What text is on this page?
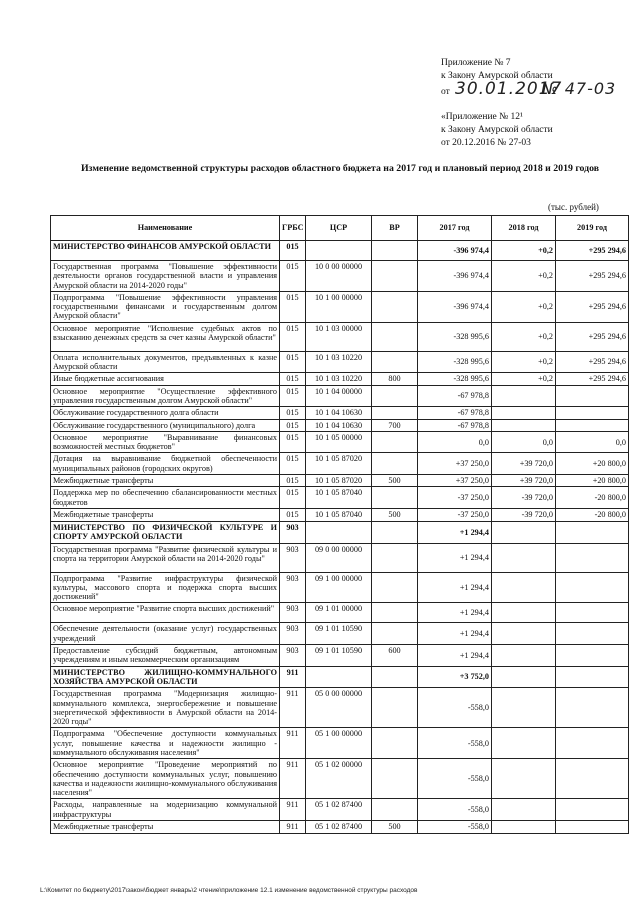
Приложение № 7
к Закону Амурской области
от 30.01.2017
№ 47-03
«Приложение № 12¹
к Закону Амурской области
от 20.12.2016 № 27-03
Изменение ведомственной структуры расходов областного бюджета на 2017 год и плановый период 2018 и 2019 годов
(тыс. рублей)
Наименование	ГРБС	ЦСР	ВР	2017 год	2018 год	2019 год
МИНИСТЕРСТВО ФИНАНСОВ АМУРСКОЙ ОБЛАСТИ	015			-396 974,4	+0,2	+295 294,6
Государственная программа "Повышение эффективности деятельности органов государственной власти и управления Амурской области на 2014-2020 годы"	015	10 0 00 00000		-396 974,4	+0,2	+295 294,6
Подпрограмма "Повышение эффективности управления государственными финансами и государственным долгом Амурской области"	015	10 1 00 00000		-396 974,4	+0,2	+295 294,6
Основное мероприятие "Исполнение судебных актов по взысканию денежных средств за счет казны Амурской области"	015	10 1 03 00000		-328 995,6	+0,2	+295 294,6
Оплата исполнительных документов, предъявленных к казне Амурской области	015	10 1 03 10220		-328 995,6	+0,2	+295 294,6
Иные бюджетные ассигнования	015	10 1 03 10220	800	-328 995,6	+0,2	+295 294,6
Основное мероприятие "Осуществление эффективного управления государственным долгом Амурской области"	015	10 1 04 00000		-67 978,8		
Обслуживание государственного долга области	015	10 1 04 10630		-67 978,8		
Обслуживание государственного (муниципального) долга	015	10 1 04 10630	700	-67 978,8		
Основное мероприятие "Выравнивание финансовых возможностей местных бюджетов"	015	10 1 05 00000		0,0	0,0	0,0
Дотация на выравнивание бюджетной обеспеченности муниципальных районов (городских округов)	015	10 1 05 87020		+37 250,0	+39 720,0	+20 800,0
Межбюджетные трансферты	015	10 1 05 87020	500	+37 250,0	+39 720,0	+20 800,0
Поддержка мер по обеспечению сбалансированности местных бюджетов	015	10 1 05 87040		-37 250,0	-39 720,0	-20 800,0
Межбюджетные трансферты	015	10 1 05 87040	500	-37 250,0	-39 720,0	-20 800,0
МИНИСТЕРСТВО ПО ФИЗИЧЕСКОЙ КУЛЬТУРЕ И СПОРТУ АМУРСКОЙ ОБЛАСТИ	903			+1 294,4		
Государственная программа "Развитие физической культуры и спорта на территории Амурской области на 2014-2020 годы"	903	09 0 00 00000		+1 294,4		
Подпрограмма "Развитие инфраструктуры физической культуры, массового спорта и подержка спорта высших достижений"	903	09 1 00 00000		+1 294,4		
Основное мероприятие "Развитие спорта высших достижений"	903	09 1 01 00000		+1 294,4		
Обеспечение деятельности (оказание услуг) государственных учреждений	903	09 1 01 10590		+1 294,4		
Предоставление субсидий бюджетным, автономным учреждениям и иным некоммерческим организациям	903	09 1 01 10590	600	+1 294,4		
МИНИСТЕРСТВО ЖИЛИЩНО-КОММУНАЛЬНОГО ХОЗЯЙСТВА АМУРСКОЙ ОБЛАСТИ	911			+3 752,0		
Государственная программа "Модернизация жилищно-коммунального комплекса, энергосбережение и повышение энергетической эффективности в Амурской области на 2014-2020 годы"	911	05 0 00 00000		-558,0		
Подпрограмма "Обеспечение доступности коммунальных услуг, повышение качества и надежности жилищно - коммунального обслуживания населения"	911	05 1 00 00000		-558,0		
Основное мероприятие "Проведение мероприятий по обеспечению доступности коммунальных услуг, повышению качества и надежности жилищно-коммунального обслуживания населения"	911	05 1 02 00000		-558,0		
Расходы, направленные на модернизацию коммунальной инфраструктуры	911	05 1 02 87400		-558,0		
Межбюджетные трансферты	911	05 1 02 87400	500	-558,0		
L:\Комитет по бюджету\2017\закон\бюджет январь\2 чтение\приложение 12.1 изменение ведомственной структуры расходов
